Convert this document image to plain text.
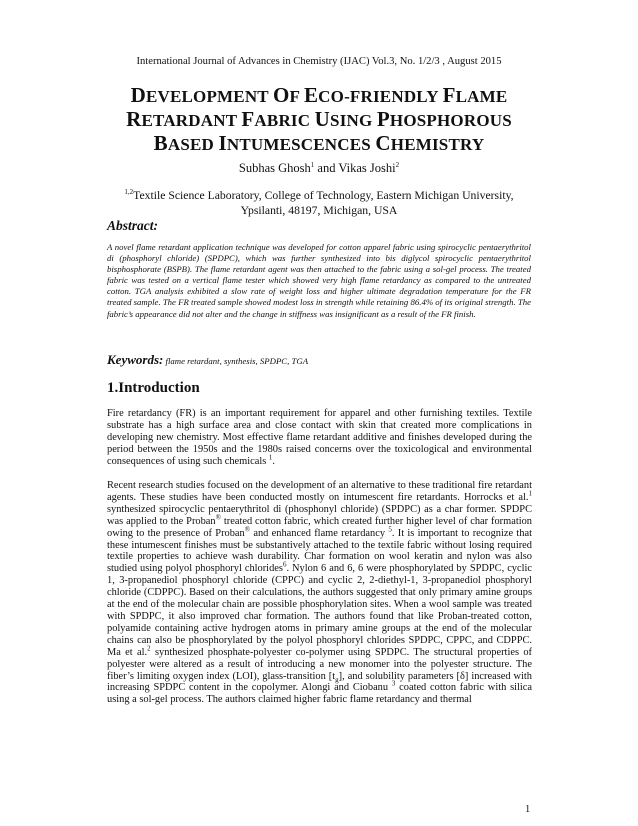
International Journal of Advances in Chemistry (IJAC) Vol.3, No. 1/2/3 , August 2015
DEVELOPMENT OF ECO-FRIENDLY FLAME
RETARDANT FABRIC USING PHOSPHOROUS
BASED INTUMESCENCES CHEMISTRY
Subhas Ghosh$^1$ and Vikas Joshi$^2$
$^{1,2}$Textile Science Laboratory, College of Technology, Eastern Michigan University,
Ypsilanti, 48197, Michigan, USA
Abstract:
A novel flame retardant application technique was developed for cotton apparel fabric using spirocyclic pentaerythritol di (phosphoryl chloride) (SPDPC), which was further synthesized into bis diglycol spirocyclic pentaerythritol bisphosphorate (BSPB). The flame retardant agent was then attached to the fabric using a sol-gel process. The treated fabric was tested on a vertical flame tester which showed very high flame retardancy as compared to the untreated cotton. TGA analysis exhibited a slow rate of weight loss and higher ultimate degradation temperature for the FR treated sample. The FR treated sample showed modest loss in strength while retaining 86.4% of its original strength. The fabric’s appearance did not alter and the change in stiffness was insignificant as a result of the FR finish.
Keywords: flame retardant, synthesis, SPDPC, TGA
1.Introduction
Fire retardancy (FR) is an important requirement for apparel and other furnishing textiles. Textile substrate has a high surface area and close contact with skin that created more complications in developing new chemistry. Most effective flame retardant additive and finishes developed during the period between the 1950s and the 1980s raised concerns over the toxicological and environmental consequences of using such chemicals $^1$.
Recent research studies focused on the development of an alternative to these traditional fire retardant agents. These studies have been conducted mostly on intumescent fire retardants. Horrocks et al.$^1$ synthesized spirocyclic pentaerythritol di (phosphonyl chloride) (SPDPC) as a char former. SPDPC was applied to the Proban® treated cotton fabric, which created further higher level of char formation owing to the presence of Proban® and enhanced flame retardancy $^5$. It is important to recognize that these intumescent finishes must be substantively attached to the textile fabric without losing required textile properties to achieve wash durability. Char formation on wool keratin and nylon was also studied using polyol phosphoryl chlorides$^6$. Nylon 6 and 6, 6 were phosphorylated by SPDPC, cyclic 1, 3-propanediol phosphoryl chloride (CPPC) and cyclic 2, 2-diethyl-1, 3-propanediol phosphoryl chloride (CDPPC). Based on their calculations, the authors suggested that only primary amine groups at the end of the molecular chain are possible phosphorylation sites. When a wool sample was treated with SPDPC, it also improved char formation. The authors found that like Proban-treated cotton, polyamide containing active hydrogen atoms in primary amine groups at the end of the molecular chains can also be phosphorylated by the polyol phosphoryl chlorides SPDPC, CPPC, and CDPPC. Ma et al.$^2$ synthesized phosphate-polyester co-polymer using SPDPC. The structural properties of polyester were altered as a result of introducing a new monomer into the polyester structure. The fiber’s limiting oxygen index (LOI), glass-transition $[t_g]$, and solubility parameters [δ] increased with increasing SPDPC content in the copolymer. Alongi and Ciobanu $^3$ coated cotton fabric with silica using a sol-gel process. The authors claimed higher fabric flame retardancy and thermal
1
